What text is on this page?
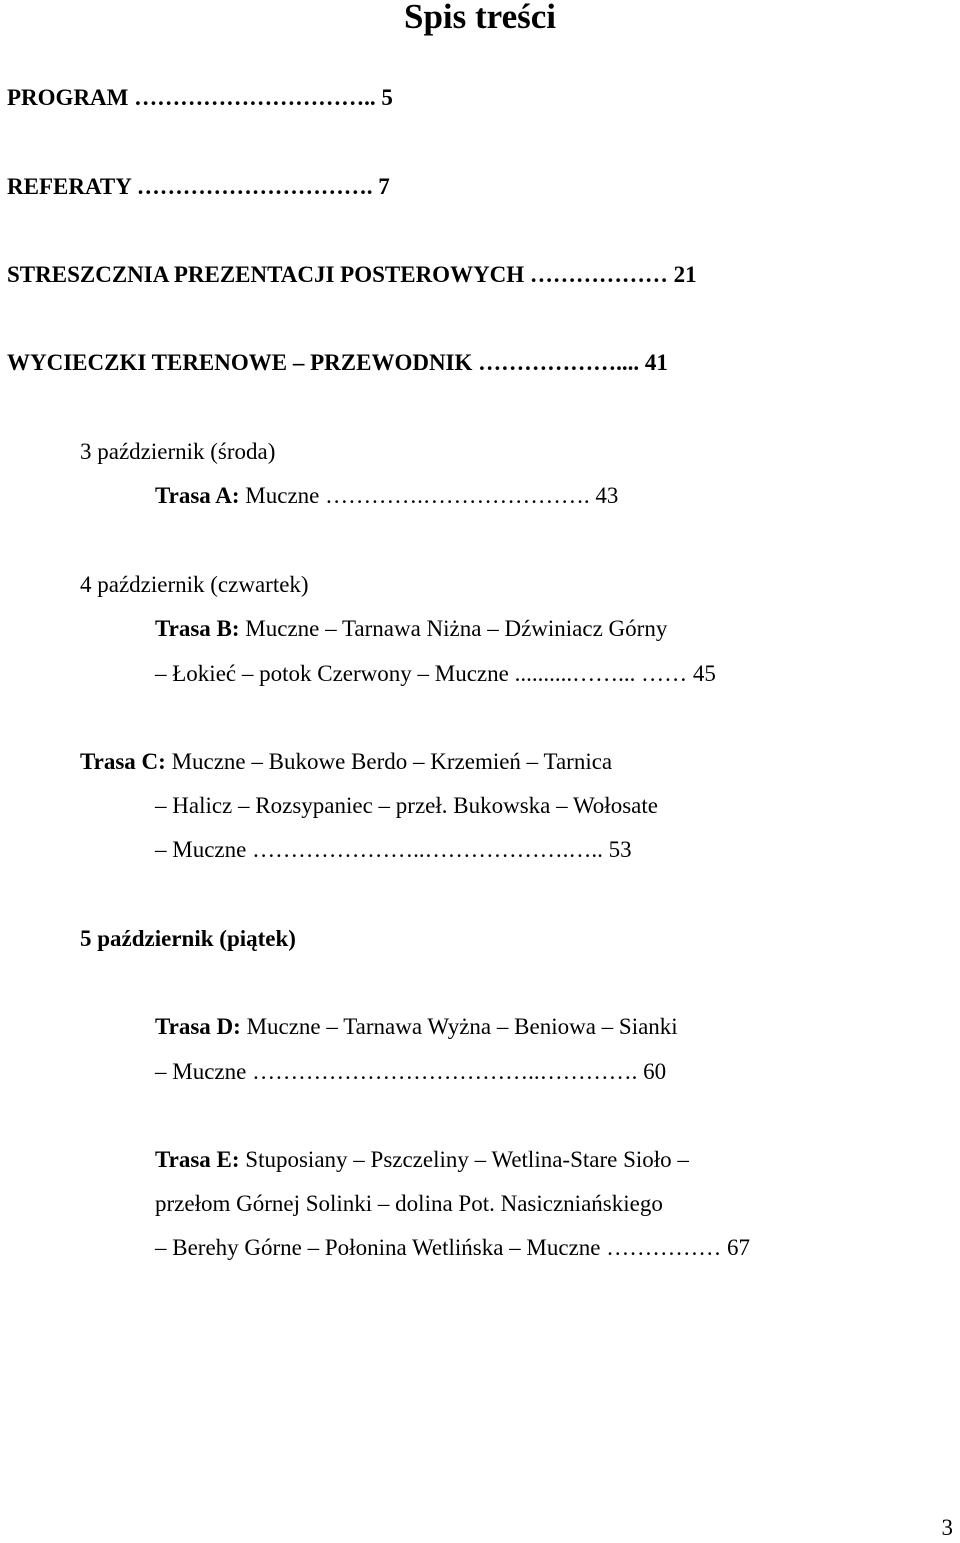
Spis treści
PROGRAM ………………………….. 5
REFERATY …………………………. 7
STRESZCZNIA PREZENTACJI POSTEROWYCH ……………… 21
WYCIECZKI TERENOWE – PRZEWODNIK ……………….... 41
3 październik (środa)
Trasa A: Muczne ………….…………………. 43
4 październik (czwartek)
Trasa B: Muczne – Tarnawa Niżna – Dźwiniacz Górny
– Łokieć – potok Czerwony – Muczne ..........……... …… 45
Trasa C: Muczne – Bukowe Berdo – Krzemień – Tarnica
– Halicz – Rozsypaniec – przeł. Bukowska – Wołosate
– Muczne …………………..……………….….. 53
5 październik (piątek)
Trasa D: Muczne – Tarnawa Wyżna – Beniowa – Sianki
– Muczne ………………………………..…………. 60
Trasa E: Stuposiany – Pszczeliny – Wetlina-Stare Sioło –
przełom Górnej Solinki – dolina Pot. Nasiczniańskiego
– Berehy Górne – Połonina Wetlińska – Muczne …………… 67
3
